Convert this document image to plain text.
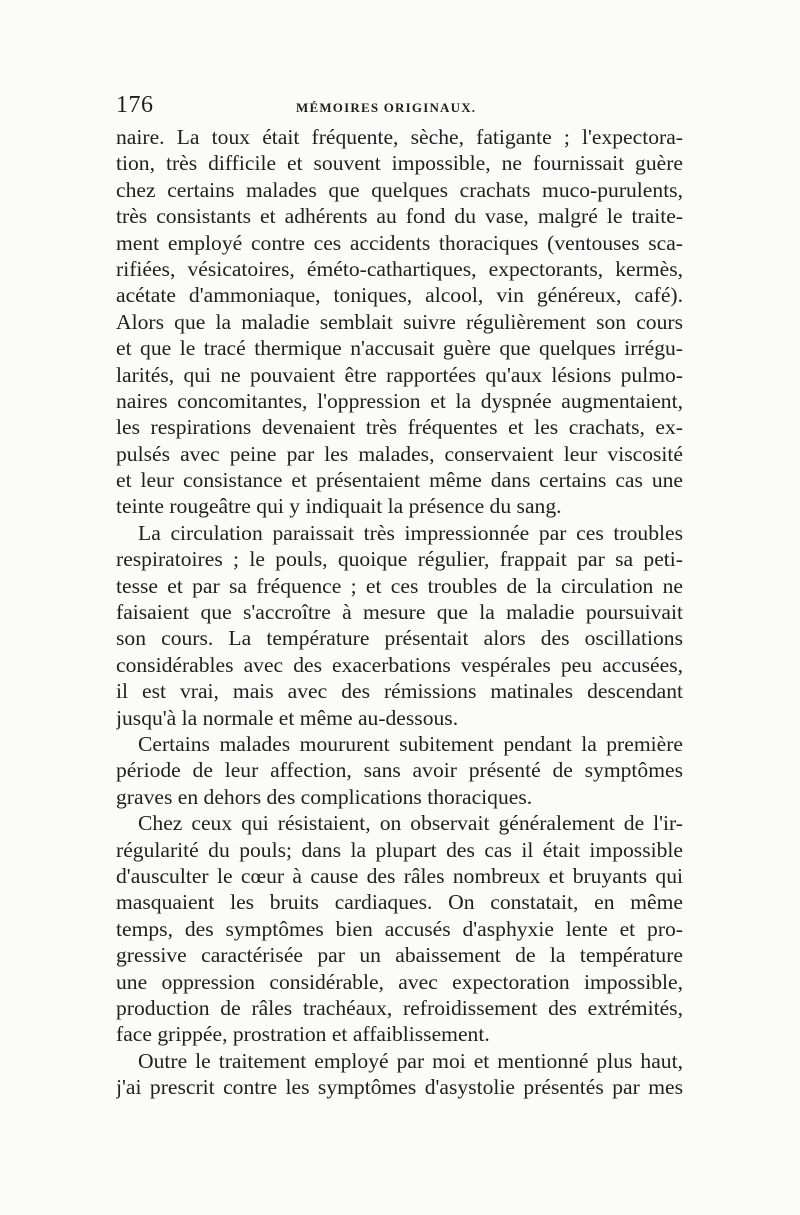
176	MÉMOIRES ORIGINAUX.
naire. La toux était fréquente, sèche, fatigante ; l'expectora-
tion, très difficile et souvent impossible, ne fournissait guère
chez certains malades que quelques crachats muco-purulents,
très consistants et adhérents au fond du vase, malgré le traite-
ment employé contre ces accidents thoraciques (ventouses sca-
rifiées, vésicatoires, éméto-cathartiques, expectorants, kermès,
acétate d'ammoniaque, toniques, alcool, vin généreux, café).
Alors que la maladie semblait suivre régulièrement son cours
et que le tracé thermique n'accusait guère que quelques irrégu-
larités, qui ne pouvaient être rapportées qu'aux lésions pulmo-
naires concomitantes, l'oppression et la dyspnée augmentaient,
les respirations devenaient très fréquentes et les crachats, ex-
pulsés avec peine par les malades, conservaient leur viscosité
et leur consistance et présentaient même dans certains cas une
teinte rougeâtre qui y indiquait la présence du sang.
La circulation paraissait très impressionnée par ces troubles
respiratoires ; le pouls, quoique régulier, frappait par sa peti-
tesse et par sa fréquence ; et ces troubles de la circulation ne
faisaient que s'accroître à mesure que la maladie poursuivait
son cours. La température présentait alors des oscillations
considérables avec des exacerbations vespérales peu accusées,
il est vrai, mais avec des rémissions matinales descendant
jusqu'à la normale et même au-dessous.
Certains malades moururent subitement pendant la première
période de leur affection, sans avoir présenté de symptômes
graves en dehors des complications thoraciques.
Chez ceux qui résistaient, on observait généralement de l'ir-
régularité du pouls; dans la plupart des cas il était impossible
d'ausculter le cœur à cause des râles nombreux et bruyants qui
masquaient les bruits cardiaques. On constatait, en même
temps, des symptômes bien accusés d'asphyxie lente et pro-
gressive caractérisée par un abaissement de la température
une oppression considérable, avec expectoration impossible,
production de râles trachéaux, refroidissement des extrémités,
face grippée, prostration et affaiblissement.
Outre le traitement employé par moi et mentionné plus haut,
j'ai prescrit contre les symptômes d'asystolie présentés par mes
